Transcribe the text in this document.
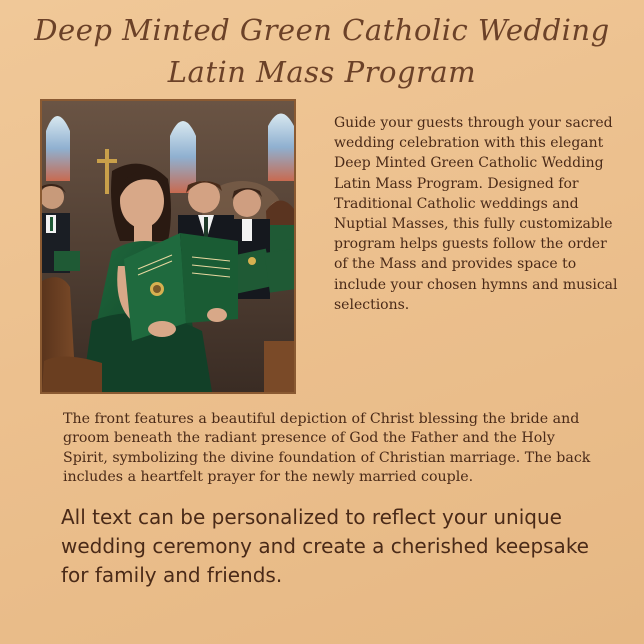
Deep Minted Green Catholic Wedding
Latin Mass Program
Guide your guests through your sacred wedding celebration with this elegant Deep Minted Green Catholic Wedding Latin Mass Program. Designed for Traditional Catholic weddings and Nuptial Masses, this fully customizable program helps guests follow the order of the Mass and provides space to include your chosen hymns and musical selections.
The front features a beautiful depiction of Christ blessing the bride and groom beneath the radiant presence of God the Father and the Holy Spirit, symbolizing the divine foundation of Christian marriage. The back includes a heartfelt prayer for the newly married couple.
All text can be personalized to reflect your unique wedding ceremony and create a cherished keepsake for family and friends.
